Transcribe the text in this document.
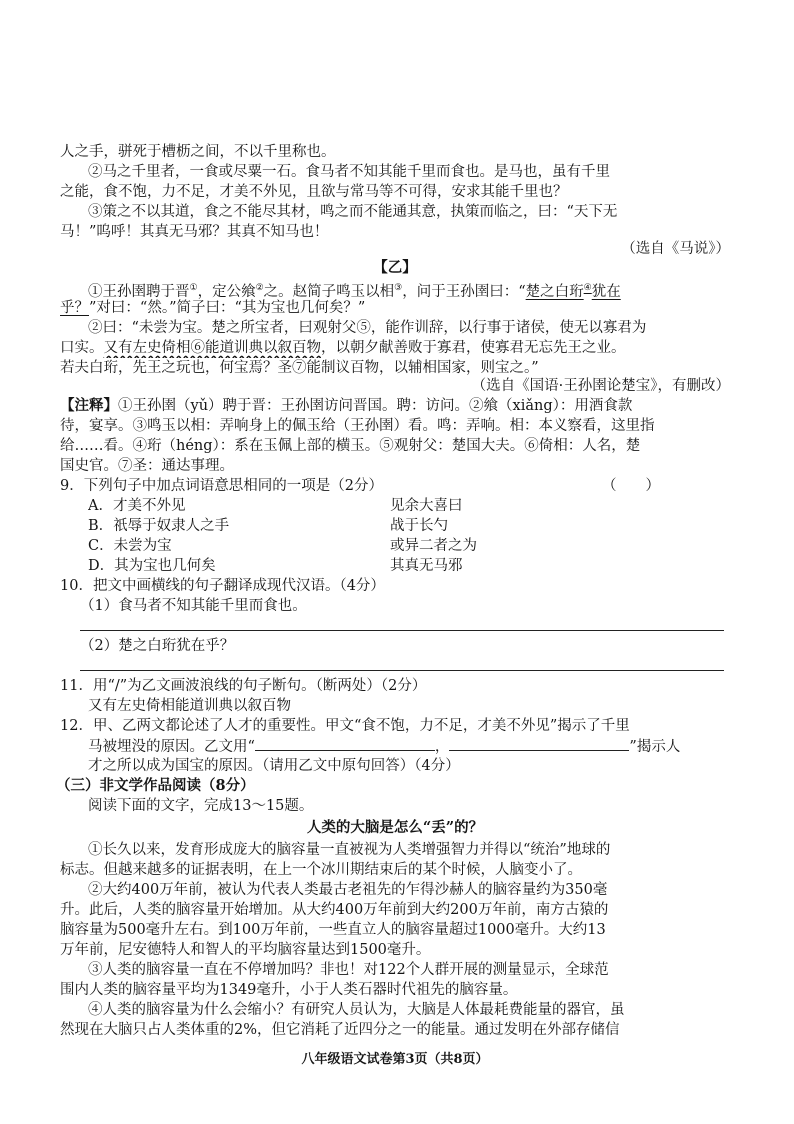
人之手，骈死于槽枥之间，不以千里称也。
②马之千里者，一食或尽粟一石。食马者不知其能千里而食也。是马也，虽有千里
之能，食不饱，力不足，才美不外见，且欲与常马等不可得，安求其能千里也？
③策之不以其道，食之不能尽其材，鸣之而不能通其意，执策而临之，曰：“天下无
马！”呜呼！其真无马邪？其真不知马也！
（选自《马说》）
【乙】
①王孙圉聘于晋①，定公飨②之。赵简子鸣玉以相③，问于王孙圉曰：“楚之白珩④犹在
乎？”对曰：“然。”简子曰：“其为宝也几何矣？”
②曰：“未尝为宝。楚之所宝者，曰观射父⑤，能作训辞，以行事于诸侯，使无以寡君为
口实。又有左史倚相⑥能道训典以叙百物，以朝夕献善败于寡君，使寡君无忘先王之业。
若夫白珩，先王之玩也，何宝焉？圣⑦能制议百物，以辅相国家，则宝之。”
（选自《国语·王孙圉论楚宝》，有删改）
【注释】①王孙圉（yǔ）聘于晋：王孙圉访问晋国。聘：访问。②飨（xiǎng）：用酒食款
待，宴享。③鸣玉以相：弄响身上的佩玉给（王孙圉）看。鸣：弄响。相：本义察看，这里指
给……看。④珩（héng）：系在玉佩上部的横玉。⑤观射父：楚国大夫。⑥倚相：人名，楚
国史官。⑦圣：通达事理。
9．下列句子中加点词语意思相同的一项是（2分）	（　　）
A．才美不外见	见余大喜曰
B．祇辱于奴隶人之手	战于长勺
C．未尝为宝	或异二者之为
D．其为宝也几何矣	其真无马邪
10．把文中画横线的句子翻译成现代汉语。（4分）
（1）食马者不知其能千里而食也。
（2）楚之白珩犹在乎？
11．用“/”为乙文画波浪线的句子断句。（断两处）（2分）
又有左史倚相能道训典以叙百物
12．甲、乙两文都论述了人才的重要性。甲文“食不饱，力不足，才美不外见”揭示了千里
马被埋没的原因。乙文用“	，	”揭示人
才之所以成为国宝的原因。（请用乙文中原句回答）（4分）
（三）非文学作品阅读（8分）
阅读下面的文字，完成13～15题。
人类的大脑是怎么“丢”的？
①长久以来，发育形成庞大的脑容量一直被视为人类增强智力并得以“统治”地球的
标志。但越来越多的证据表明，在上一个冰川期结束后的某个时候，人脑变小了。
②大约400万年前，被认为代表人类最古老祖先的乍得沙赫人的脑容量约为350毫
升。此后，人类的脑容量开始增加。从大约400万年前到大约200万年前，南方古猿的
脑容量为500毫升左右。到100万年前，一些直立人的脑容量超过1000毫升。大约13
万年前，尼安德特人和智人的平均脑容量达到1500毫升。
③人类的脑容量一直在不停增加吗？非也！对122个人群开展的测量显示，全球范
围内人类的脑容量平均为1349毫升，小于人类石器时代祖先的脑容量。
④人类的脑容量为什么会缩小？有研究人员认为，大脑是人体最耗费能量的器官，虽
然现在大脑只占人类体重的2%，但它消耗了近四分之一的能量。通过发明在外部存储信
八年级语文试卷第3页（共8页）
